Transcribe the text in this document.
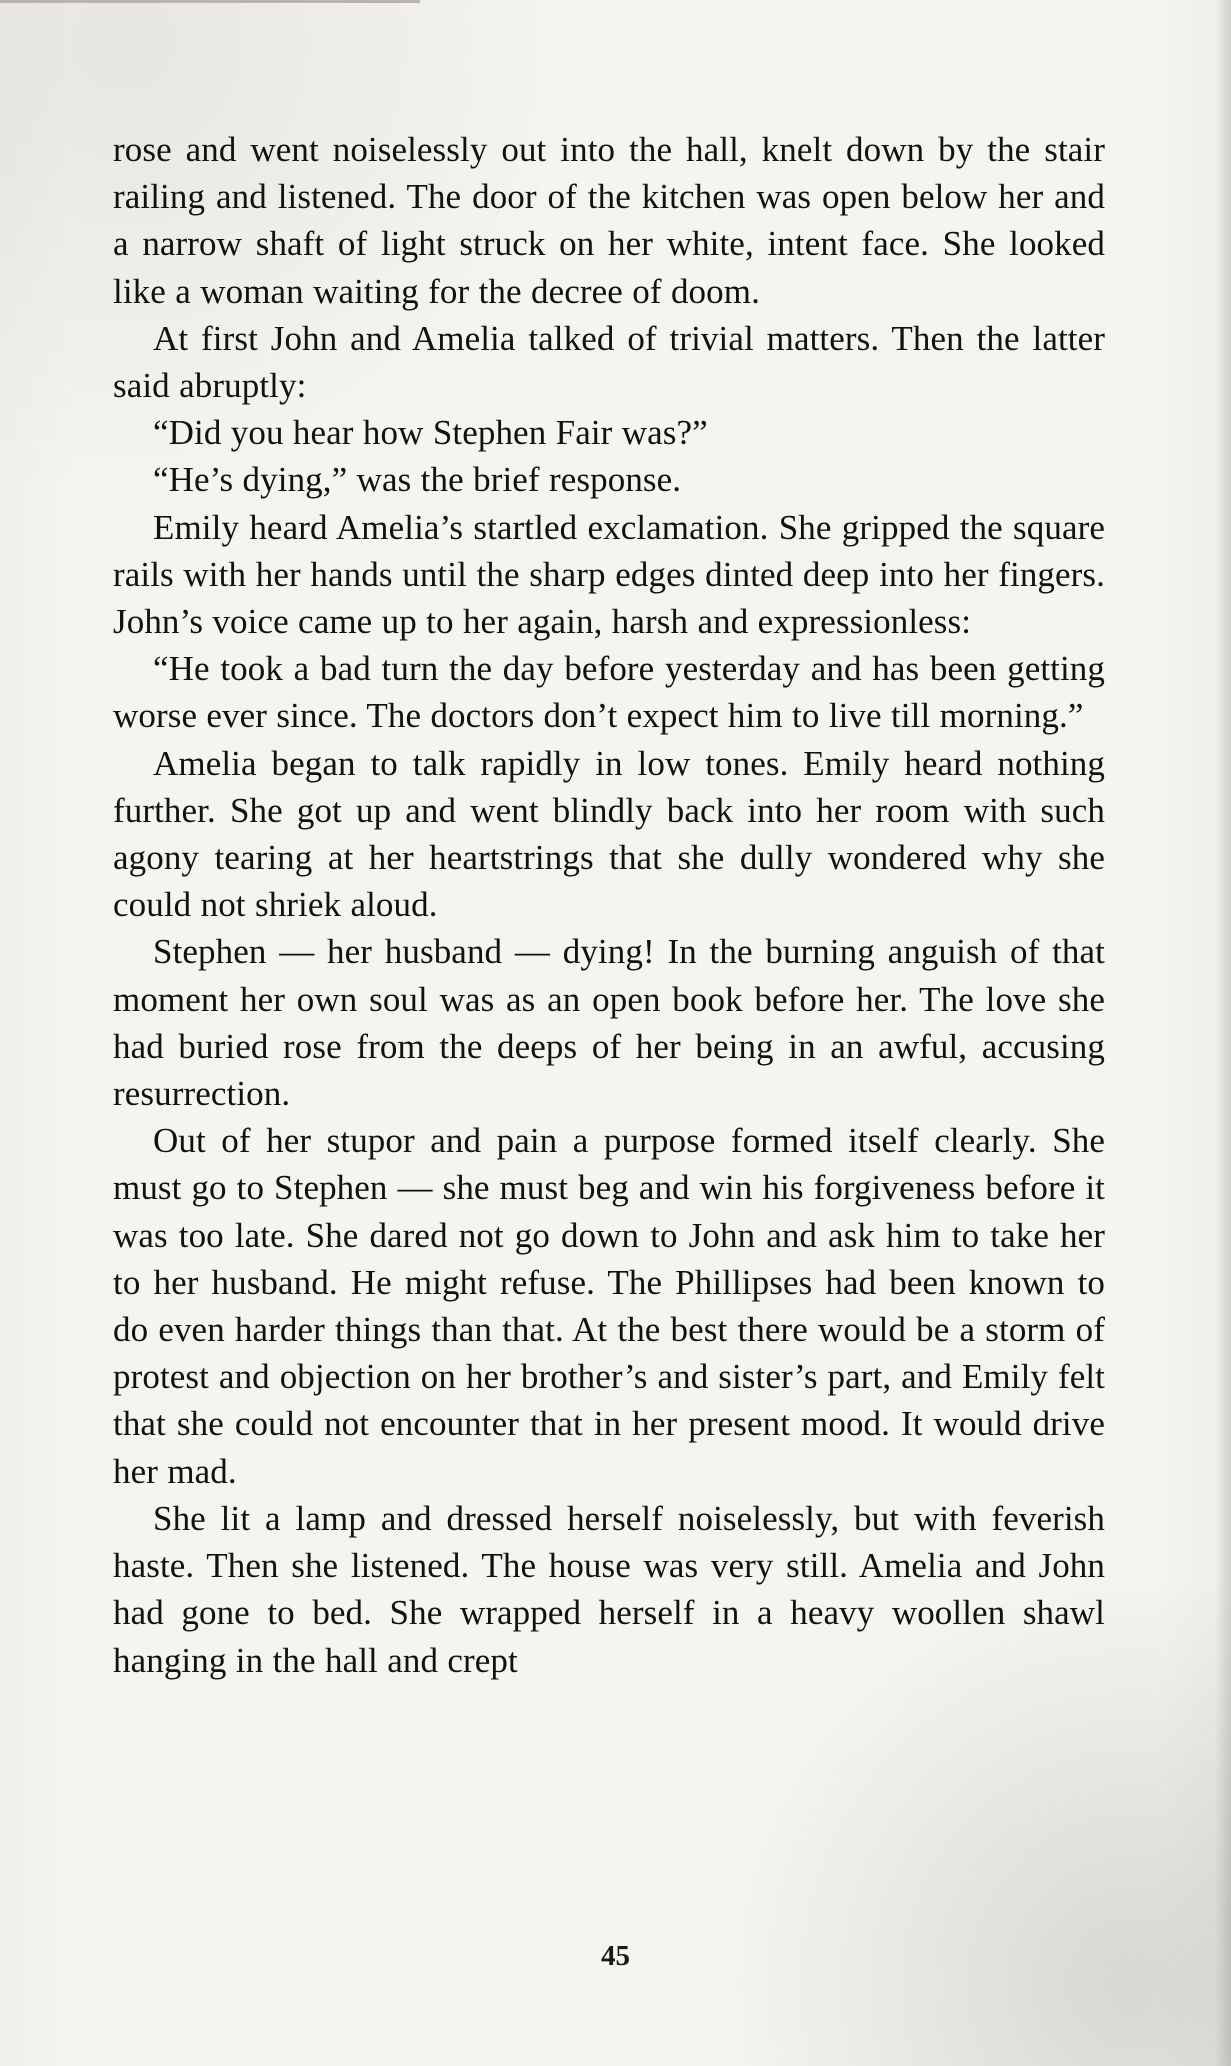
rose and went noiselessly out into the hall, knelt down by the stair railing and listened. The door of the kitchen was open below her and a narrow shaft of light struck on her white, intent face. She looked like a woman waiting for the decree of doom.

At first John and Amelia talked of trivial matters. Then the latter said abruptly:

“Did you hear how Stephen Fair was?”

“He’s dying,” was the brief response.

Emily heard Amelia’s startled exclamation. She gripped the square rails with her hands until the sharp edges dinted deep into her fingers. John’s voice came up to her again, harsh and expressionless:

“He took a bad turn the day before yesterday and has been getting worse ever since. The doctors don’t expect him to live till morning.”

Amelia began to talk rapidly in low tones. Emily heard nothing further. She got up and went blindly back into her room with such agony tearing at her heartstrings that she dully wondered why she could not shriek aloud.

Stephen — her husband — dying! In the burning anguish of that moment her own soul was as an open book before her. The love she had buried rose from the deeps of her being in an awful, accusing resurrection.

Out of her stupor and pain a purpose formed itself clearly. She must go to Stephen — she must beg and win his forgiveness before it was too late. She dared not go down to John and ask him to take her to her husband. He might refuse. The Phillipses had been known to do even harder things than that. At the best there would be a storm of protest and objection on her brother’s and sister’s part, and Emily felt that she could not encounter that in her present mood. It would drive her mad.

She lit a lamp and dressed herself noiselessly, but with feverish haste. Then she listened. The house was very still. Amelia and John had gone to bed. She wrapped herself in a heavy woollen shawl hanging in the hall and crept

45
